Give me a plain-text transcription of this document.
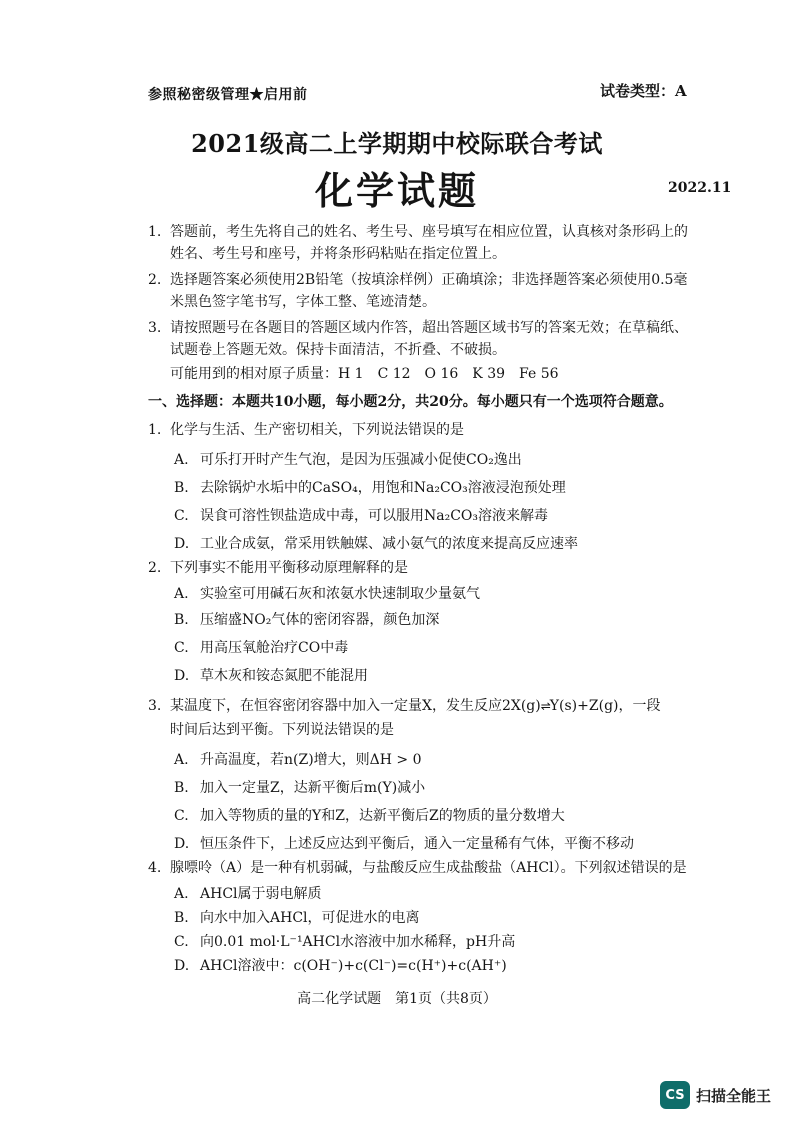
参照秘密级管理★启用前	试卷类型：A
2021级高二上学期期中校际联合考试
化学试题	2022.11
1. 答题前，考生先将自己的姓名、考生号、座号填写在相应位置，认真核对条形码上的
姓名、考生号和座号，并将条形码粘贴在指定位置上。
2. 选择题答案必须使用2B铅笔（按填涂样例）正确填涂；非选择题答案必须使用0.5毫
米黑色签字笔书写，字体工整、笔迹清楚。
3. 请按照题号在各题目的答题区域内作答，超出答题区域书写的答案无效；在草稿纸、
试题卷上答题无效。保持卡面清洁，不折叠、不破损。
可能用到的相对原子质量：H 1　C 12　O 16　K 39　Fe 56
一、选择题：本题共10小题，每小题2分，共20分。每小题只有一个选项符合题意。
1. 化学与生活、生产密切相关，下列说法错误的是
A. 可乐打开时产生气泡，是因为压强减小促使CO₂逸出
B. 去除锅炉水垢中的CaSO₄，用饱和Na₂CO₃溶液浸泡预处理
C. 误食可溶性钡盐造成中毒，可以服用Na₂CO₃溶液来解毒
D. 工业合成氨，常采用铁触媒、减小氨气的浓度来提高反应速率
2. 下列事实不能用平衡移动原理解释的是
A. 实验室可用碱石灰和浓氨水快速制取少量氨气
B. 压缩盛NO₂气体的密闭容器，颜色加深
C. 用高压氧舱治疗CO中毒
D. 草木灰和铵态氮肥不能混用
3. 某温度下，在恒容密闭容器中加入一定量X，发生反应2X(g)⇌Y(s)+Z(g)，一段
时间后达到平衡。下列说法错误的是
A. 升高温度，若n(Z)增大，则ΔH > 0
B. 加入一定量Z，达新平衡后m(Y)减小
C. 加入等物质的量的Y和Z，达新平衡后Z的物质的量分数增大
D. 恒压条件下，上述反应达到平衡后，通入一定量稀有气体，平衡不移动
4. 腺嘌呤（A）是一种有机弱碱，与盐酸反应生成盐酸盐（AHCl）。下列叙述错误的是
A. AHCl属于弱电解质
B. 向水中加入AHCl，可促进水的电离
C. 向0.01 mol·L⁻¹AHCl水溶液中加水稀释，pH升高
D. AHCl溶液中：c(OH⁻)+c(Cl⁻)=c(H⁺)+c(AH⁺)
高二化学试题　第1页（共8页）
CS 扫描全能王
